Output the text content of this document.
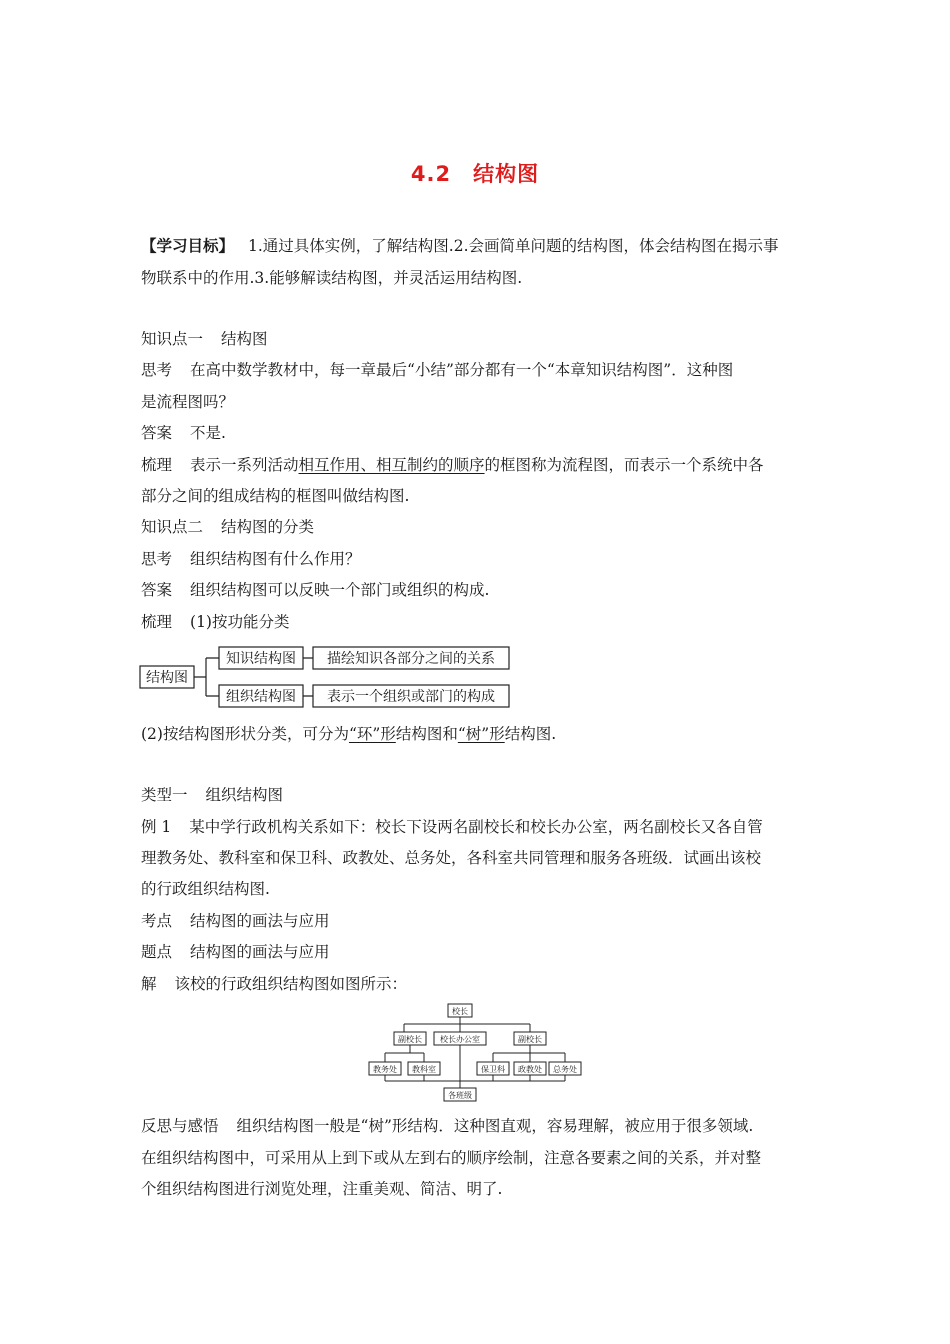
4.2 结构图
【学习目标】 1.通过具体实例，了解结构图.2.会画简单问题的结构图，体会结构图在揭示事
物联系中的作用.3.能够解读结构图，并灵活运用结构图.
知识点一 结构图
思考 在高中数学教材中，每一章最后“小结”部分都有一个“本章知识结构图”．这种图
是流程图吗？
答案 不是.
梳理 表示一系列活动相互作用、相互制约的顺序的框图称为流程图，而表示一个系统中各
部分之间的组成结构的框图叫做结构图.
知识点二 结构图的分类
思考 组织结构图有什么作用？
答案 组织结构图可以反映一个部门或组织的构成.
梳理 (1)按功能分类
结构图
知识结构图
组织结构图
描绘知识各部分之间的关系
表示一个组织或部门的构成
(2)按结构图形状分类，可分为“环”形结构图和“树”形结构图.
类型一 组织结构图
例 1 某中学行政机构关系如下：校长下设两名副校长和校长办公室，两名副校长又各自管
理教务处、教科室和保卫科、政教处、总务处，各科室共同管理和服务各班级．试画出该校
的行政组织结构图.
考点 结构图的画法与应用
题点 结构图的画法与应用
解 该校的行政组织结构图如图所示：
校长
副校长 校长办公室	副校长
教务处 教科室	保卫科 政教处 总务处
各班级
反思与感悟 组织结构图一般是“树”形结构．这种图直观，容易理解，被应用于很多领域.
在组织结构图中，可采用从上到下或从左到右的顺序绘制，注意各要素之间的关系，并对整
个组织结构图进行浏览处理，注重美观、简洁、明了.
